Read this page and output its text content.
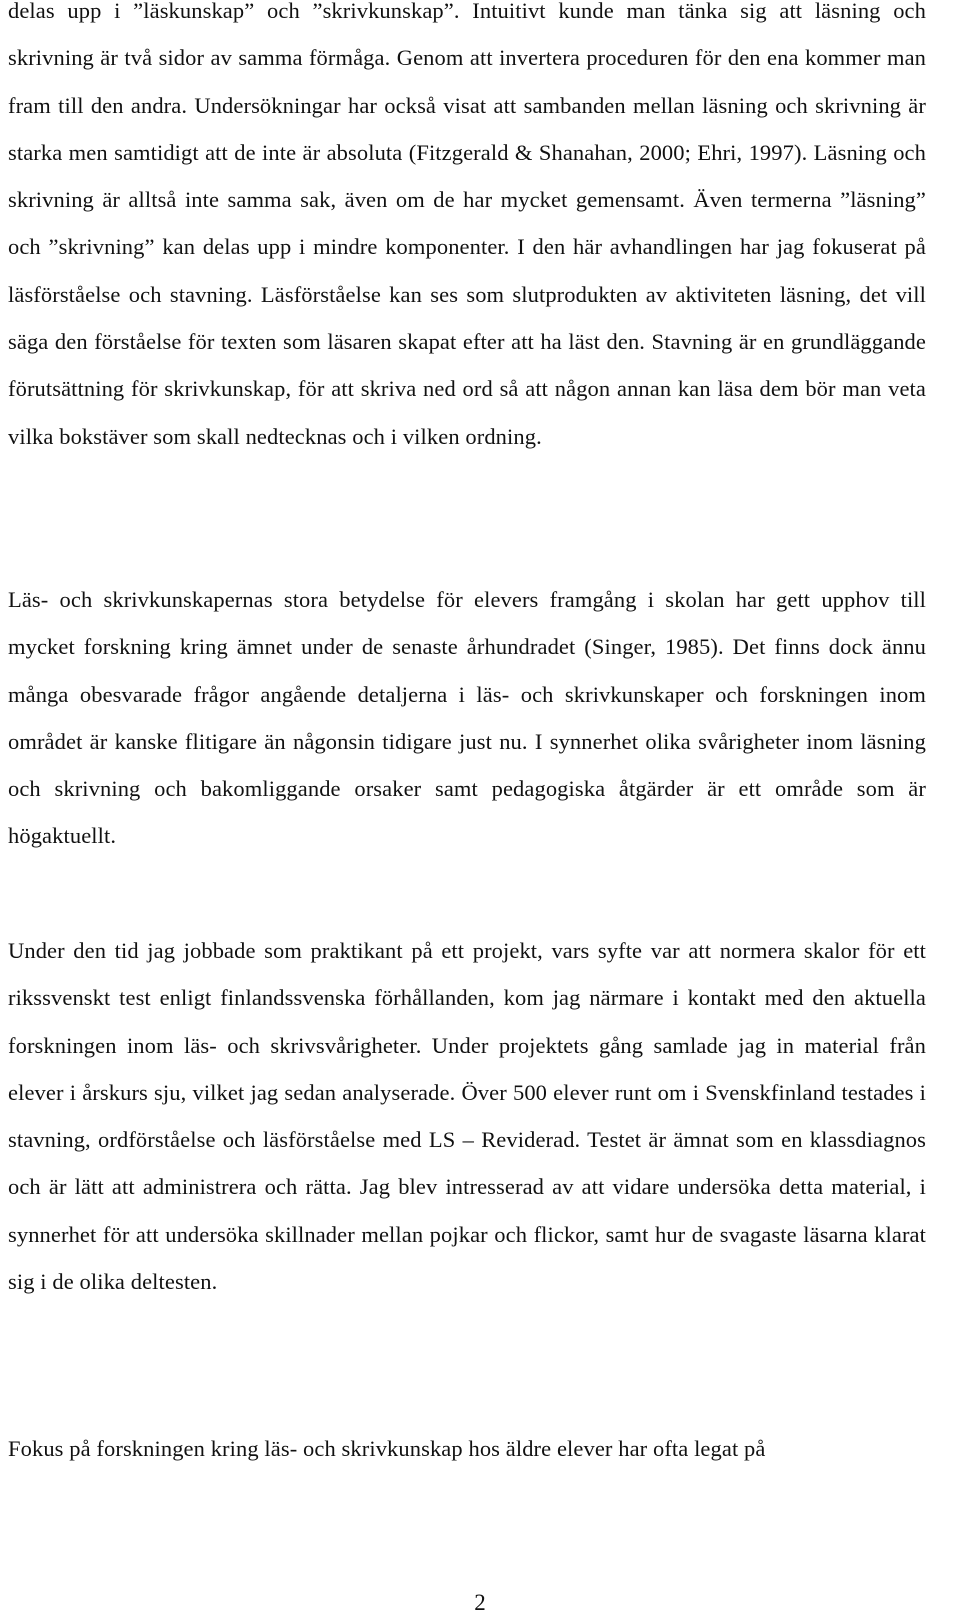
delas upp i ”läskunskap” och ”skrivkunskap”. Intuitivt kunde man tänka sig att läsning och skrivning är två sidor av samma förmåga. Genom att invertera proceduren för den ena kommer man fram till den andra. Undersökningar har också visat att sambanden mellan läsning och skrivning är starka men samtidigt att de inte är absoluta (Fitzgerald & Shanahan, 2000; Ehri, 1997). Läsning och skrivning är alltså inte samma sak, även om de har mycket gemensamt. Även termerna ”läsning” och ”skrivning” kan delas upp i mindre komponenter. I den här avhandlingen har jag fokuserat på läsförståelse och stavning. Läsförståelse kan ses som slutprodukten av aktiviteten läsning, det vill säga den förståelse för texten som läsaren skapat efter att ha läst den. Stavning är en grundläggande förutsättning för skrivkunskap, för att skriva ned ord så att någon annan kan läsa dem bör man veta vilka bokstäver som skall nedtecknas och i vilken ordning.

Läs- och skrivkunskapernas stora betydelse för elevers framgång i skolan har gett upphov till mycket forskning kring ämnet under de senaste århundradet (Singer, 1985). Det finns dock ännu många obesvarade frågor angående detaljerna i läs- och skrivkunskaper och forskningen inom området är kanske flitigare än någonsin tidigare just nu. I synnerhet olika svårigheter inom läsning och skrivning och bakomliggande orsaker samt pedagogiska åtgärder är ett område som är högaktuellt.

Under den tid jag jobbade som praktikant på ett projekt, vars syfte var att normera skalor för ett rikssvenskt test enligt finlandssvenska förhållanden, kom jag närmare i kontakt med den aktuella forskningen inom läs- och skrivsvårigheter. Under projektets gång samlade jag in material från elever i årskurs sju, vilket jag sedan analyserade. Över 500 elever runt om i Svenskfinland testades i stavning, ordförståelse och läsförståelse med LS – Reviderad. Testet är ämnat som en klassdiagnos och är lätt att administrera och rätta. Jag blev intresserad av att vidare undersöka detta material, i synnerhet för att undersöka skillnader mellan pojkar och flickor, samt hur de svagaste läsarna klarat sig i de olika deltesten.

Fokus på forskningen kring läs- och skrivkunskap hos äldre elever har ofta legat på

2
